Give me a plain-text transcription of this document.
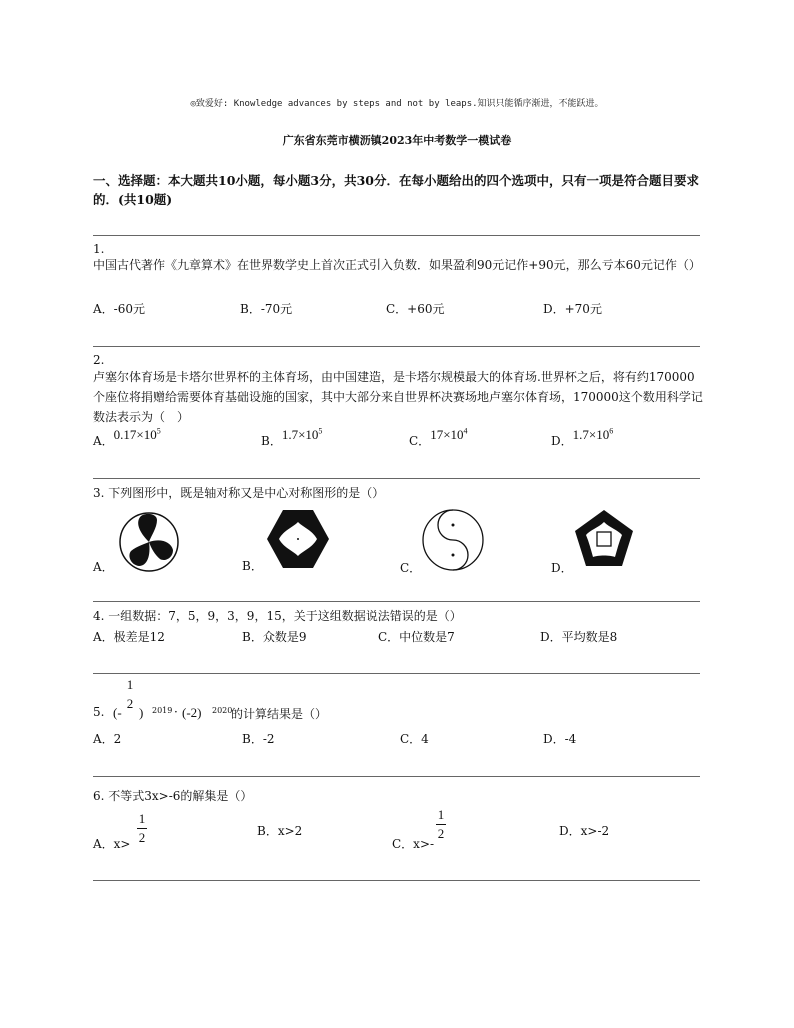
◎致爱好: Knowledge advances by steps and not by leaps.知识只能循序渐进，不能跃进。
广东省东莞市横沥镇2023年中考数学一模试卷
一、选择题：本大题共10小题，每小题3分，共30分．在每小题给出的四个选项中，只有一项是符合题目要求的．(共10题)
1.
中国古代著作《九章算术》在世界数学史上首次正式引入负数．如果盈利90元记作+90元，那么亏本60元记作（）
A．-60元	B．-70元	C．+60元	D．+70元
2.
卢塞尔体育场是卡塔尔世界杯的主体育场，由中国建造，是卡塔尔规模最大的体育场.世界杯之后，将有约170000个座位将捐赠给需要体育基础设施的国家，其中大部分来自世界杯决赛场地卢塞尔体育场，170000这个数用科学记数法表示为（　）
A．$0.17\times 10^5$
B．$1.7\times 10^5$
C．$17\times 10^4$
D．$1.7\times 10^6$
3. 下列图形中，既是轴对称又是中心对称图形的是（）
A．	B．	C．	D．
4. 一组数据：7，5，9，3，9，15，关于这组数据说法错误的是（）
A．极差是12	B．众数是9	C．中位数是7	D．平均数是8
5.
1
2
(- ) 2019 · (-2) 2020
的计算结果是（）
A．2	B．-2	C．4	D．-4
6. 不等式3x>-6的解集是（）
A．x>
1
2	B．x>2
C．x>-
1
2	D．x>-2
